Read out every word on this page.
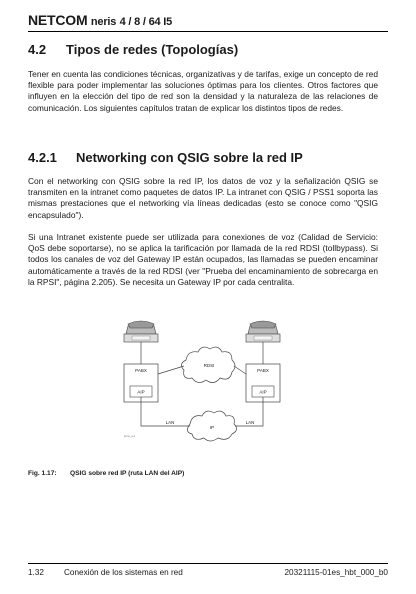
NETCOM neris 4 / 8 / 64 I5
4.2 Tipos de redes (Topologías)
Tener en cuenta las condiciones técnicas, organizativas y de tarifas, exige un concepto de red flexible para poder implementar las soluciones óptimas para los clientes. Otros factores que influyen en la elección del tipo de red son la densidad y la naturaleza de las relaciones de comunicación. Los siguientes capítulos tratan de explicar los distintos tipos de redes.
4.2.1 Networking con QSIG sobre la red IP
Con el networking con QSIG sobre la red IP, los datos de voz y la señalización QSIG se transmiten en la intranet como paquetes de datos IP. La intranet con QSIG / PSS1 soporta las mismas prestaciones que el networking vía líneas dedicadas (esto se conoce como "QSIG encapsulado").
Si una Intranet existente puede ser utilizada para conexiones de voz (Calidad de Servicio: QoS debe soportarse), no se aplica la tarificación por llamada de la red RDSI (tollbypass). Si todos los canales de voz del Gateway IP están ocupados, las llamadas se pueden encaminar automáticamente a través de la red RDSI (ver "Prueba del encaminamiento de sobrecarga en la RPSI", página 2.205). Se necesita un Gateway IP por cada centralita.
PABX
AIP
PABX
AIP
RDSI
IP
LAN	LAN
ipnw_a-1
Fig. 1.17: QSIG sobre red IP (ruta LAN del AIP)
1.32 Conexión de los sistemas en red	20321115-01es_hbt_000_b0
